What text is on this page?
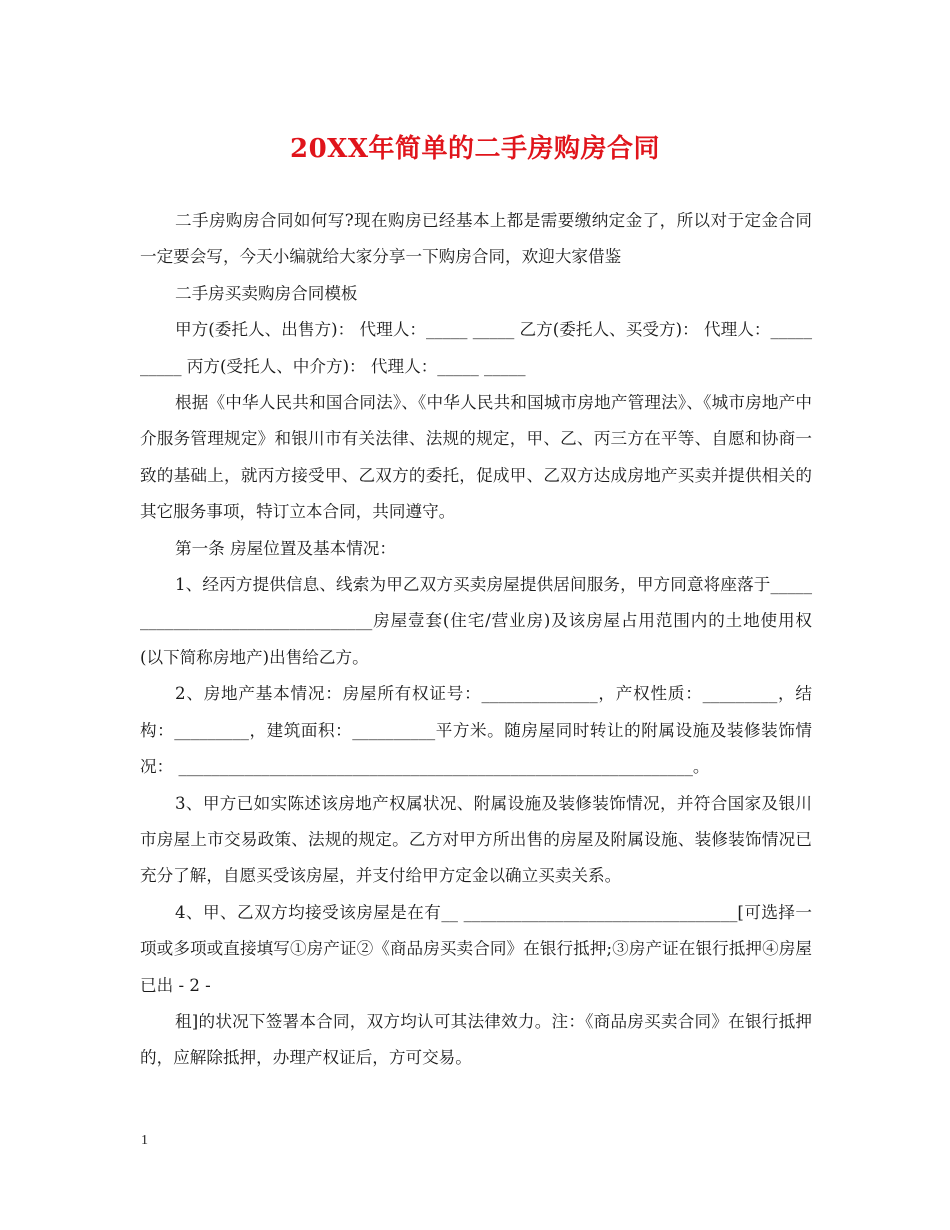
20XX年简单的二手房购房合同

二手房购房合同如何写?现在购房已经基本上都是需要缴纳定金了，所以对于定金合同一定要会写，今天小编就给大家分享一下购房合同，欢迎大家借鉴

二手房买卖购房合同模板

甲方(委托人、出售方)： 代理人：_____ _____ 乙方(委托人、买受方)： 代理人：_____ _____ 丙方(受托人、中介方)： 代理人：_____ _____

根据《中华人民共和国合同法》、《中华人民共和国城市房地产管理法》、《城市房地产中介服务管理规定》和银川市有关法律、法规的规定，甲、乙、丙三方在平等、自愿和协商一致的基础上，就丙方接受甲、乙双方的委托，促成甲、乙双方达成房地产买卖并提供相关的其它服务事项，特订立本合同，共同遵守。

第一条 房屋位置及基本情况：

1、经丙方提供信息、线索为甲乙双方买卖房屋提供居间服务，甲方同意将座落于_________________________________房屋壹套(住宅/营业房)及该房屋占用范围内的土地使用权(以下简称房地产)出售给乙方。

2、房地产基本情况：房屋所有权证号：______________，产权性质：_________，结构：_________，建筑面积：__________平方米。随房屋同时转让的附属设施及装修装饰情况： ______________________________________________________________。

3、甲方已如实陈述该房地产权属状况、附属设施及装修装饰情况，并符合国家及银川市房屋上市交易政策、法规的规定。乙方对甲方所出售的房屋及附属设施、装修装饰情况已充分了解，自愿买受该房屋，并支付给甲方定金以确立买卖关系。

4、甲、乙双方均接受该房屋是在有__ _________________________________[可选择一项或多项或直接填写①房产证②《商品房买卖合同》在银行抵押;③房产证在银行抵押④房屋已出 - 2 -

租]的状况下签署本合同，双方均认可其法律效力。注：《商品房买卖合同》在银行抵押的，应解除抵押，办理产权证后，方可交易。

1
